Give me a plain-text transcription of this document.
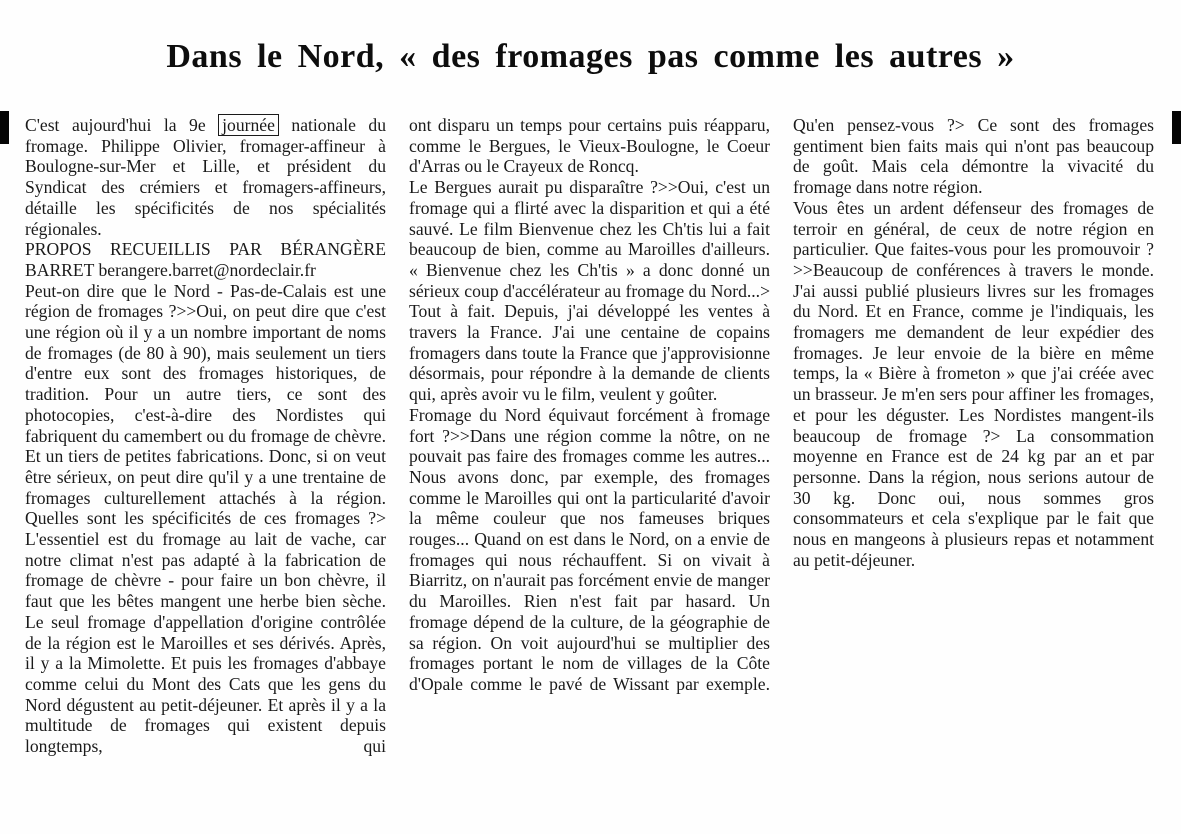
Dans le Nord, « des fromages pas comme les autres »

C'est aujourd'hui la 9e journée nationale du fromage. Philippe Olivier, fromager-affineur à Boulogne-sur-Mer et Lille, et président du Syndicat des crémiers et fromagers-affineurs, détaille les spécificités de nos spécialités régionales.

PROPOS RECUEILLIS PAR BÉRANGÈRE BARRET berangere.barret@nordeclair.fr

Peut-on dire que le Nord - Pas-de-Calais est une région de fromages ?>>Oui, on peut dire que c'est une région où il y a un nombre important de noms de fromages (de 80 à 90), mais seulement un tiers d'entre eux sont des fromages historiques, de tradition. Pour un autre tiers, ce sont des photocopies, c'est-à-dire des Nordistes qui fabriquent du camembert ou du fromage de chèvre. Et un tiers de petites fabrications. Donc, si on veut être sérieux, on peut dire qu'il y a une trentaine de fromages culturellement attachés à la région. Quelles sont les spécificités de ces fromages ?> L'essentiel est du fromage au lait de vache, car notre climat n'est pas adapté à la fabrication de fromage de chèvre - pour faire un bon chèvre, il faut que les bêtes mangent une herbe bien sèche. Le seul fromage d'appellation d'origine contrôlée de la région est le Maroilles et ses dérivés. Après, il y a la Mimolette. Et puis les fromages d'abbaye comme celui du Mont des Cats que les gens du Nord dégustent au petit-déjeuner. Et après il y a la multitude de fromages qui existent depuis longtemps, qui

ont disparu un temps pour certains puis réapparu, comme le Bergues, le Vieux-Boulogne, le Coeur d'Arras ou le Crayeux de Roncq.

Le Bergues aurait pu disparaître ?>>Oui, c'est un fromage qui a flirté avec la disparition et qui a été sauvé. Le film Bienvenue chez les Ch'tis lui a fait beaucoup de bien, comme au Maroilles d'ailleurs. « Bienvenue chez les Ch'tis » a donc donné un sérieux coup d'accélérateur au fromage du Nord...> Tout à fait. Depuis, j'ai développé les ventes à travers la France. J'ai une centaine de copains fromagers dans toute la France que j'approvisionne désormais, pour répondre à la demande de clients qui, après avoir vu le film, veulent y goûter.

Fromage du Nord équivaut forcément à fromage fort ?>>Dans une région comme la nôtre, on ne pouvait pas faire des fromages comme les autres... Nous avons donc, par exemple, des fromages comme le Maroilles qui ont la particularité d'avoir la même couleur que nos fameuses briques rouges... Quand on est dans le Nord, on a envie de fromages qui nous réchauffent. Si on vivait à Biarritz, on n'aurait pas forcément envie de manger du Maroilles. Rien n'est fait par hasard. Un fromage dépend de la culture, de la géographie de sa région. On voit aujourd'hui se multiplier des fromages portant le nom de villages de la Côte d'Opale comme le pavé de Wissant par exemple.

Qu'en pensez-vous ?> Ce sont des fromages gentiment bien faits mais qui n'ont pas beaucoup de goût. Mais cela démontre la vivacité du fromage dans notre région.

Vous êtes un ardent défenseur des fromages de terroir en général, de ceux de notre région en particulier. Que faites-vous pour les promouvoir ? >>Beaucoup de conférences à travers le monde. J'ai aussi publié plusieurs livres sur les fromages du Nord. Et en France, comme je l'indiquais, les fromagers me demandent de leur expédier des fromages. Je leur envoie de la bière en même temps, la « Bière à frometon » que j'ai créée avec un brasseur. Je m'en sers pour affiner les fromages, et pour les déguster. Les Nordistes mangent-ils beaucoup de fromage ?> La consommation moyenne en France est de 24 kg par an et par personne. Dans la région, nous serions autour de 30 kg. Donc oui, nous sommes gros consommateurs et cela s'explique par le fait que nous en mangeons à plusieurs repas et notamment au petit-déjeuner.
